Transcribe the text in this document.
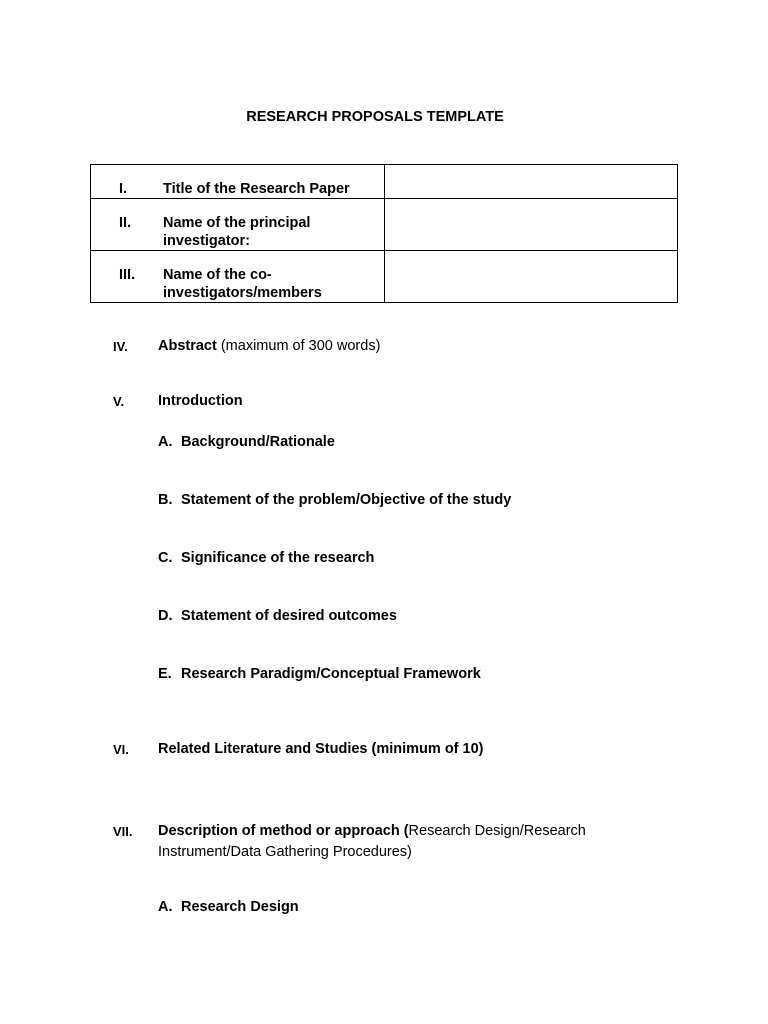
RESEARCH PROPOSALS TEMPLATE
I. Title of the Research Paper	

II. Name of the principal investigator:	

III. Name of the co-investigators/members	

IV. Abstract (maximum of 300 words)
V. Introduction
A. Background/Rationale
B. Statement of the problem/Objective of the study
C. Significance of the research
D. Statement of desired outcomes
E. Research Paradigm/Conceptual Framework
VI. Related Literature and Studies (minimum of 10)
VII. Description of method or approach (Research Design/Research Instrument/Data Gathering Procedures)
A. Research Design
